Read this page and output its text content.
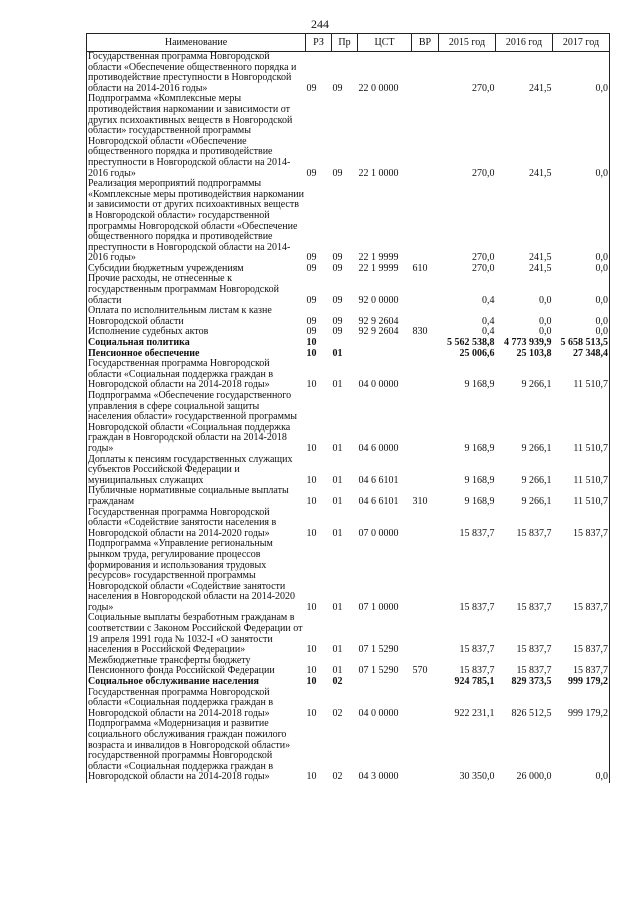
244
Наименование	РЗ	Пр	ЦСТ	ВР	2015 год	2016 год	2017 год
Государственная программа Новгородской области «Обеспечение общественного порядка и противодействие преступности в Новгородской области на 2014-2016 годы»	09	09	22 0 0000		270,0	241,5	0,0
Подпрограмма «Комплексные меры противодействия наркомании и зависимости от других психоактивных веществ в Новгородской области» государственной программы Новгородской области «Обеспечение общественного порядка и противодействие преступности в Новгородской области на 2014-2016 годы»	09	09	22 1 0000		270,0	241,5	0,0
Реализация мероприятий подпрограммы «Комплексные меры противодействия наркомании и зависимости от других психоактивных веществ в Новгородской области» государственной программы Новгородской области «Обеспечение общественного порядка и противодействие преступности в Новгородской области на 2014-2016 годы»	09	09	22 1 9999		270,0	241,5	0,0
Субсидии бюджетным учреждениям	09	09	22 1 9999	610	270,0	241,5	0,0
Прочие расходы, не отнесенные к государственным программам Новгородской области	09	09	92 0 0000		0,4	0,0	0,0
Оплата по исполнительным листам к казне Новгородской области	09	09	92 9 2604		0,4	0,0	0,0
Исполнение судебных актов	09	09	92 9 2604	830	0,4	0,0	0,0
Социальная политика	10				5 562 538,8	4 773 939,9	5 658 513,5
Пенсионное обеспечение	10	01			25 006,6	25 103,8	27 348,4
Государственная программа Новгородской области «Социальная поддержка граждан в Новгородской области на 2014-2018 годы»	10	01	04 0 0000		9 168,9	9 266,1	11 510,7
Подпрограмма «Обеспечение государственного управления в сфере социальной защиты населения области» государственной программы Новгородской области «Социальная поддержка граждан в Новгородской области на 2014-2018 годы»	10	01	04 6 0000		9 168,9	9 266,1	11 510,7
Доплаты к пенсиям государственных служащих субъектов Российской Федерации и муниципальных служащих	10	01	04 6 6101		9 168,9	9 266,1	11 510,7
Публичные нормативные социальные выплаты гражданам	10	01	04 6 6101	310	9 168,9	9 266,1	11 510,7
Государственная программа Новгородской области «Содействие занятости населения в Новгородской области на 2014-2020 годы»	10	01	07 0 0000		15 837,7	15 837,7	15 837,7
Подпрограмма «Управление региональным рынком труда, регулирование процессов формирования и использования трудовых ресурсов» государственной программы Новгородской области «Содействие занятости населения в Новгородской области на 2014-2020 годы»	10	01	07 1 0000		15 837,7	15 837,7	15 837,7
Социальные выплаты безработным гражданам в соответствии с Законом Российской Федерации от 19 апреля 1991 года № 1032-I «О занятости населения в Российской Федерации»	10	01	07 1 5290		15 837,7	15 837,7	15 837,7
Межбюджетные трансферты бюджету Пенсионного фонда Российской Федерации	10	01	07 1 5290	570	15 837,7	15 837,7	15 837,7
Социальное обслуживание населения	10	02			924 785,1	829 373,5	999 179,2
Государственная программа Новгородской области «Социальная поддержка граждан в Новгородской области на 2014-2018 годы»	10	02	04 0 0000		922 231,1	826 512,5	999 179,2
Подпрограмма «Модернизация и развитие социального обслуживания граждан пожилого возраста и инвалидов в Новгородской области» государственной программы Новгородской области «Социальная поддержка граждан в Новгородской области на 2014-2018 годы»	10	02	04 3 0000		30 350,0	26 000,0	0,0
